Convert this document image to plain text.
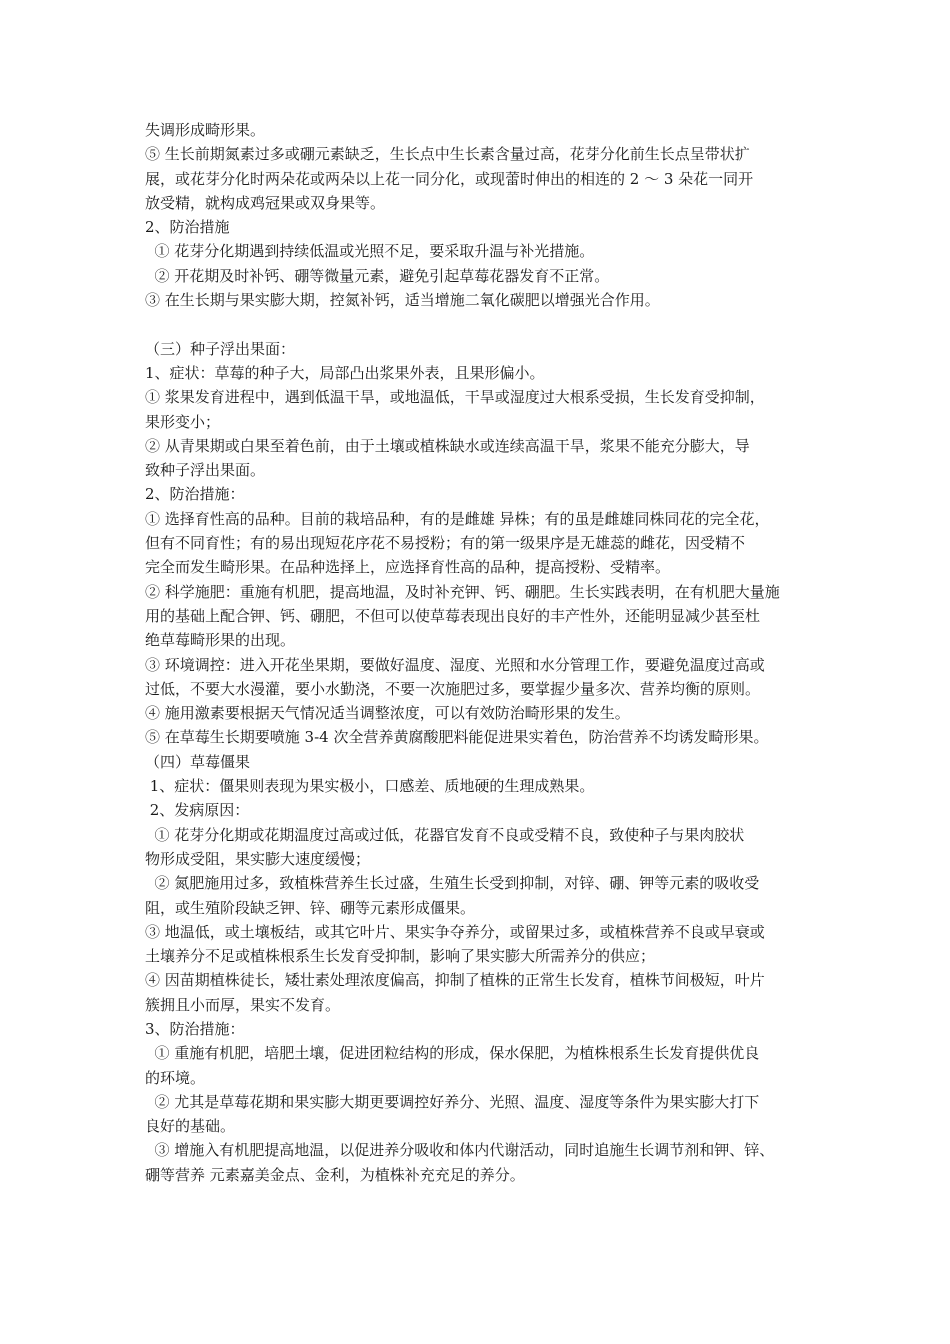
失调形成畸形果。
⑤ 生长前期氮素过多或硼元素缺乏，生长点中生长素含量过高，花芽分化前生长点呈带状扩
展，或花芽分化时两朵花或两朵以上花一同分化，或现蕾时伸出的相连的 2 ～ 3 朵花一同开
放受精，就构成鸡冠果或双身果等。
2、防治措施
① 花芽分化期遇到持续低温或光照不足，要采取升温与补光措施。
② 开花期及时补钙、硼等微量元素，避免引起草莓花器发育不正常。
③ 在生长期与果实膨大期，控氮补钙，适当增施二氧化碳肥以增强光合作用。
（三）种子浮出果面：
1、症状：草莓的种子大，局部凸出浆果外表，且果形偏小。
① 浆果发育进程中，遇到低温干旱，或地温低，干旱或湿度过大根系受损，生长发育受抑制，
果形变小；
② 从青果期或白果至着色前，由于土壤或植株缺水或连续高温干旱，浆果不能充分膨大，导
致种子浮出果面。
2、防治措施：
① 选择育性高的品种。目前的栽培品种，有的是雌雄 异株；有的虽是雌雄同株同花的完全花，
但有不同育性；有的易出现短花序花不易授粉；有的第一级果序是无雄蕊的雌花，因受精不
完全而发生畸形果。在品种选择上，应选择育性高的品种，提高授粉、受精率。
② 科学施肥：重施有机肥，提高地温，及时补充钾、钙、硼肥。生长实践表明，在有机肥大量施
用的基础上配合钾、钙、硼肥，不但可以使草莓表现出良好的丰产性外，还能明显减少甚至杜
绝草莓畸形果的出现。
③ 环境调控：进入开花坐果期，要做好温度、湿度、光照和水分管理工作，要避免温度过高或
过低，不要大水漫灌，要小水勤浇，不要一次施肥过多，要掌握少量多次、营养均衡的原则。
④ 施用激素要根据天气情况适当调整浓度，可以有效防治畸形果的发生。
⑤ 在草莓生长期要喷施 3-4 次全营养黄腐酸肥料能促进果实着色，防治营养不均诱发畸形果。
（四）草莓僵果
1、症状：僵果则表现为果实极小，口感差、质地硬的生理成熟果。
2、发病原因：
① 花芽分化期或花期温度过高或过低，花器官发育不良或受精不良，致使种子与果肉胶状
物形成受阻，果实膨大速度缓慢；
② 氮肥施用过多，致植株营养生长过盛，生殖生长受到抑制，对锌、硼、钾等元素的吸收受
阻，或生殖阶段缺乏钾、锌、硼等元素形成僵果。
③ 地温低，或土壤板结，或其它叶片、果实争夺养分，或留果过多，或植株营养不良或早衰或
土壤养分不足或植株根系生长发育受抑制，影响了果实膨大所需养分的供应；
④ 因苗期植株徒长，矮壮素处理浓度偏高，抑制了植株的正常生长发育，植株节间极短，叶片
簇拥且小而厚，果实不发育。
3、防治措施：
① 重施有机肥，培肥土壤，促进团粒结构的形成，保水保肥，为植株根系生长发育提供优良
的环境。
② 尤其是草莓花期和果实膨大期更要调控好养分、光照、温度、湿度等条件为果实膨大打下
良好的基础。
③ 增施入有机肥提高地温，以促进养分吸收和体内代谢活动，同时追施生长调节剂和钾、锌、
硼等营养 元素嘉美金点、金利，为植株补充充足的养分。
